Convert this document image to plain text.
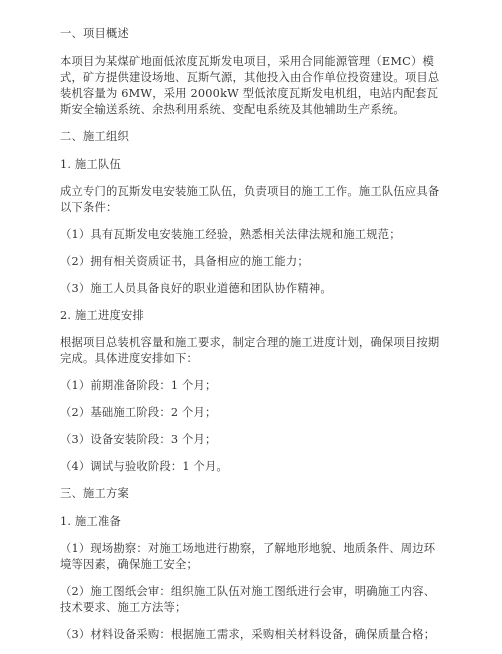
一、项目概述

本项目为某煤矿地面低浓度瓦斯发电项目，采用合同能源管理（EMC）模式，矿方提供建设场地、瓦斯气源，其他投入由合作单位投资建设。项目总装机容量为 6MW，采用 2000kW 型低浓度瓦斯发电机组，电站内配套瓦斯安全输送系统、余热利用系统、变配电系统及其他辅助生产系统。

二、施工组织

1. 施工队伍

成立专门的瓦斯发电安装施工队伍，负责项目的施工工作。施工队伍应具备以下条件：

（1）具有瓦斯发电安装施工经验，熟悉相关法律法规和施工规范；

（2）拥有相关资质证书，具备相应的施工能力；

（3）施工人员具备良好的职业道德和团队协作精神。

2. 施工进度安排

根据项目总装机容量和施工要求，制定合理的施工进度计划，确保项目按期完成。具体进度安排如下：

（1）前期准备阶段：1 个月；

（2）基础施工阶段：2 个月；

（3）设备安装阶段：3 个月；

（4）调试与验收阶段：1 个月。

三、施工方案

1. 施工准备

（1）现场勘察：对施工场地进行勘察，了解地形地貌、地质条件、周边环境等因素，确保施工安全；

（2）施工图纸会审：组织施工队伍对施工图纸进行会审，明确施工内容、技术要求、施工方法等；

（3）材料设备采购：根据施工需求，采购相关材料设备，确保质量合格；
